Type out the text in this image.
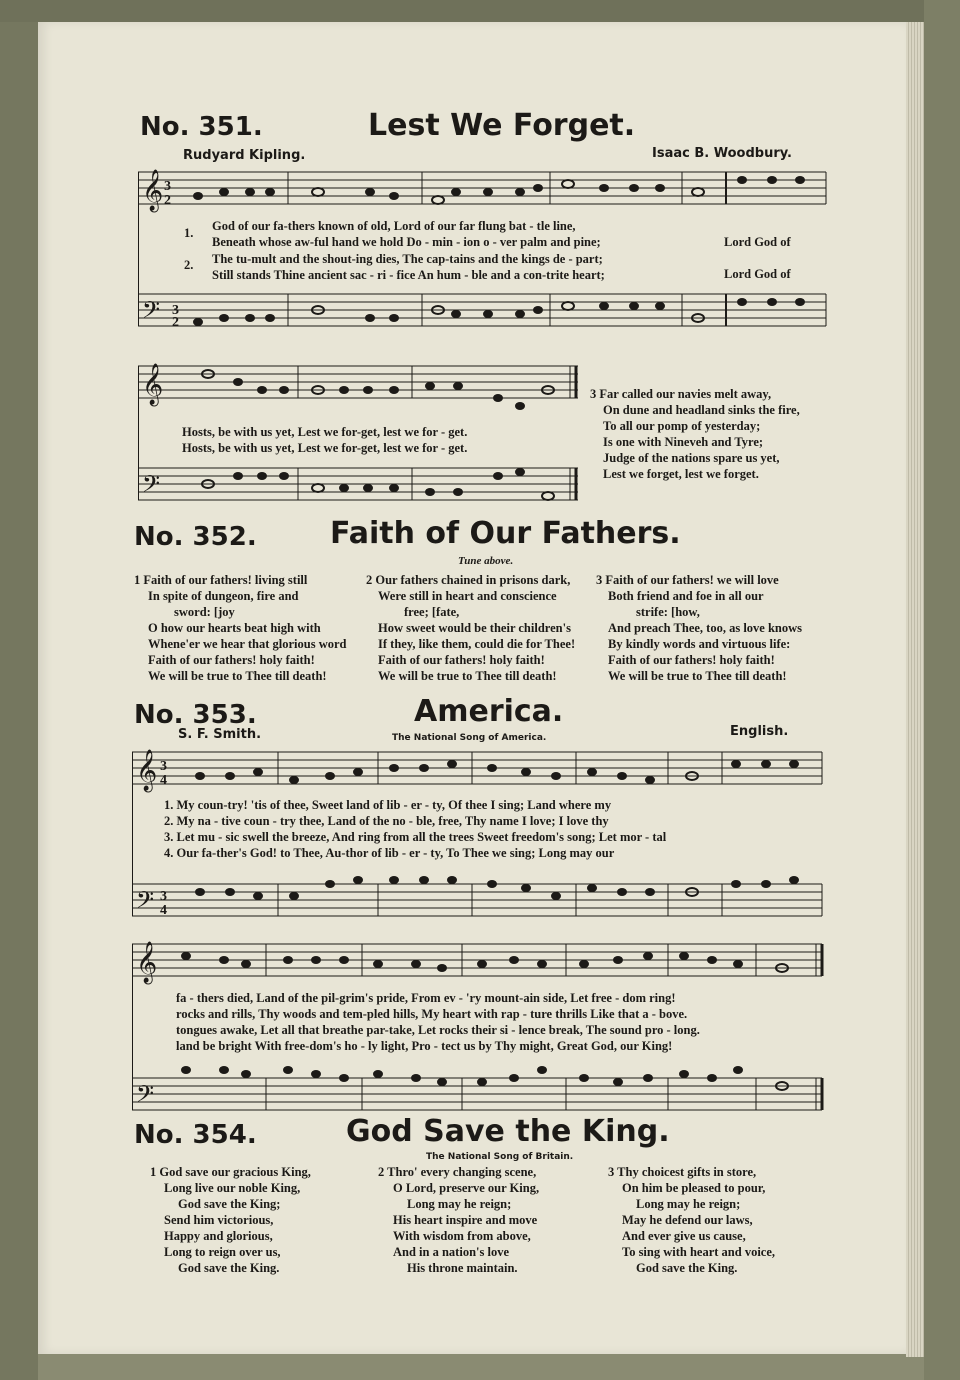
No. 351.	Lest We Forget.
Rudyard Kipling.	Isaac B. Woodbury.
𝄞
𝄢
3
2
3
2
1.
2.
God of our fa-thers known of old, Lord of our far flung bat - tle line,
Beneath whose aw-ful hand we hold Do - min - ion o - ver palm and pine;
The tu-mult and the shout-ing dies, The cap-tains and the kings de - part;
Still stands Thine ancient sac - ri - fice An hum - ble and a con-trite heart;
Lord God of
Lord God of
𝄞
𝄢
Hosts, be with us yet, Lest we for-get, lest we for - get.
Hosts, be with us yet, Lest we for-get, lest we for - get.
3 Far called our navies melt away,
On dune and headland sinks the fire,
To all our pomp of yesterday;
Is one with Nineveh and Tyre;
Judge of the nations spare us yet,
Lest we forget, lest we forget.
No. 352. Faith of Our Fathers.
Tune above.
1 Faith of our fathers! living still
In spite of dungeon, fire and
sword: [joy
O how our hearts beat high with
Whene'er we hear that glorious word
Faith of our fathers! holy faith!
We will be true to Thee till death!
2 Our fathers chained in prisons dark,
Were still in heart and conscience
free; [fate,
How sweet would be their children's
If they, like them, could die for Thee!
Faith of our fathers! holy faith!
We will be true to Thee till death!
3 Faith of our fathers! we will love
Both friend and foe in all our
strife: [how,
And preach Thee, too, as love knows
By kindly words and virtuous life:
Faith of our fathers! holy faith!
We will be true to Thee till death!
No. 353.	America.
S. F. Smith.	The National Song of America.	English.
𝄞
𝄢
3
4
3
4
1. My coun-try! 'tis of thee, Sweet land of lib - er - ty, Of thee I sing; Land where my
2. My na - tive coun - try thee, Land of the no - ble, free, Thy name I love; I love thy
3. Let mu - sic swell the breeze, And ring from all the trees Sweet freedom's song; Let mor - tal
4. Our fa-ther's God! to Thee, Au-thor of lib - er - ty, To Thee we sing; Long may our
𝄞
𝄢
fa - thers died, Land of the pil-grim's pride, From ev - 'ry mount-ain side, Let free - dom ring!
rocks and rills, Thy woods and tem-pled hills, My heart with rap - ture thrills Like that a - bove.
tongues awake, Let all that breathe par-take, Let rocks their si - lence break, The sound pro - long.
land be bright With free-dom's ho - ly light, Pro - tect us by Thy might, Great God, our King!
No. 354.	God Save the King.
The National Song of Britain.
1 God save our gracious King,
Long live our noble King,
God save the King;
Send him victorious,
Happy and glorious,
Long to reign over us,
God save the King.
2 Thro' every changing scene,
O Lord, preserve our King,
Long may he reign;
His heart inspire and move
With wisdom from above,
And in a nation's love
His throne maintain.
3 Thy choicest gifts in store,
On him be pleased to pour,
Long may he reign;
May he defend our laws,
And ever give us cause,
To sing with heart and voice,
God save the King.
